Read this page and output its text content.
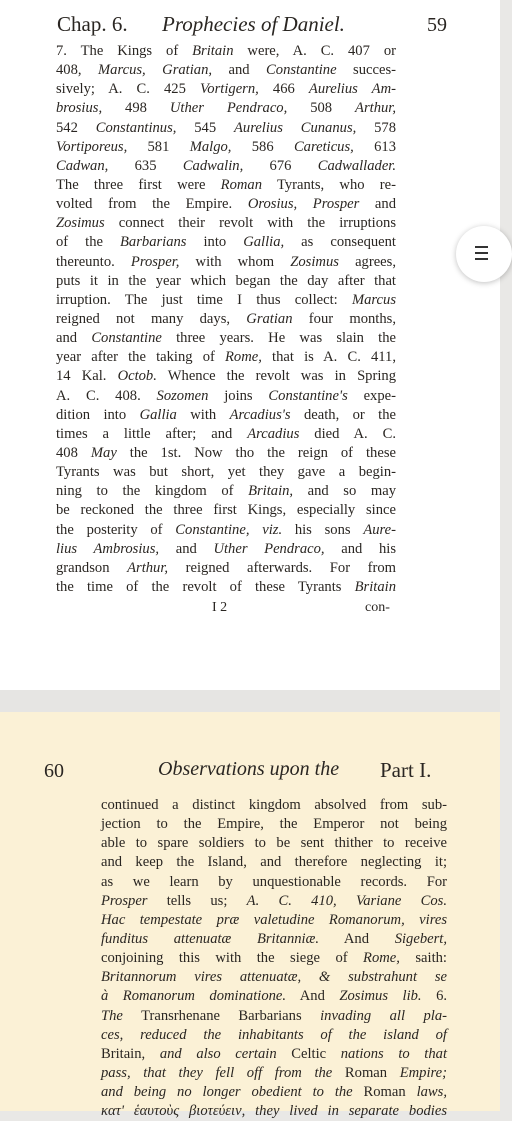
Chap. 6. Prophecies of Daniel.	59
7. The Kings of Britain were, A. C. 407 or
408, Marcus, Gratian, and Constantine succes-
sively; A. C. 425 Vortigern, 466 Aurelius Am-
brosius, 498 Uther Pendraco, 508 Arthur,
542 Constantinus, 545 Aurelius Cunanus, 578
Vortiporeus, 581 Malgo, 586 Careticus, 613
Cadwan, 635 Cadwalin, 676 Cadwallader.
The three first were Roman Tyrants, who re-
volted from the Empire. Orosius, Prosper and
Zosimus connect their revolt with the irruptions
of the Barbarians into Gallia, as consequent
thereunto. Prosper, with whom Zosimus agrees,
puts it in the year which began the day after that
irruption. The just time I thus collect: Marcus
reigned not many days, Gratian four months,
and Constantine three years. He was slain the
year after the taking of Rome, that is A. C. 411,
14 Kal. Octob. Whence the revolt was in Spring
A. C. 408. Sozomen joins Constantine's expe-
dition into Gallia with Arcadius's death, or the
times a little after; and Arcadius died A. C.
408 May the 1st. Now tho the reign of these
Tyrants was but short, yet they gave a begin-
ning to the kingdom of Britain, and so may
be reckoned the three first Kings, especially since
the posterity of Constantine, viz. his sons Aure-
lius Ambrosius, and Uther Pendraco, and his
grandson Arthur, reigned afterwards. For from
the time of the revolt of these Tyrants Britain
I 2	con-
60	Observations upon the Part I.
continued a distinct kingdom absolved from sub-
jection to the Empire, the Emperor not being
able to spare soldiers to be sent thither to receive
and keep the Island, and therefore neglecting it;
as we learn by unquestionable records. For
Prosper tells us; A. C. 410, Variane Cos.
Hac tempestate præ valetudine Romanorum, vires
funditus attenuatæ Britanniæ. And Sigebert,
conjoining this with the siege of Rome, saith:
Britannorum vires attenuatæ, & substrahunt se
à Romanorum dominatione. And Zosimus lib. 6.
The Transrhenane Barbarians invading all pla-
ces, reduced the inhabitants of the island of
Britain, and also certain Celtic nations to that
pass, that they fell off from the Roman Empire;
and being no longer obedient to the Roman laws,
κατ' ἑαυτοὺς βιοτεύειν, they lived in separate bodies
